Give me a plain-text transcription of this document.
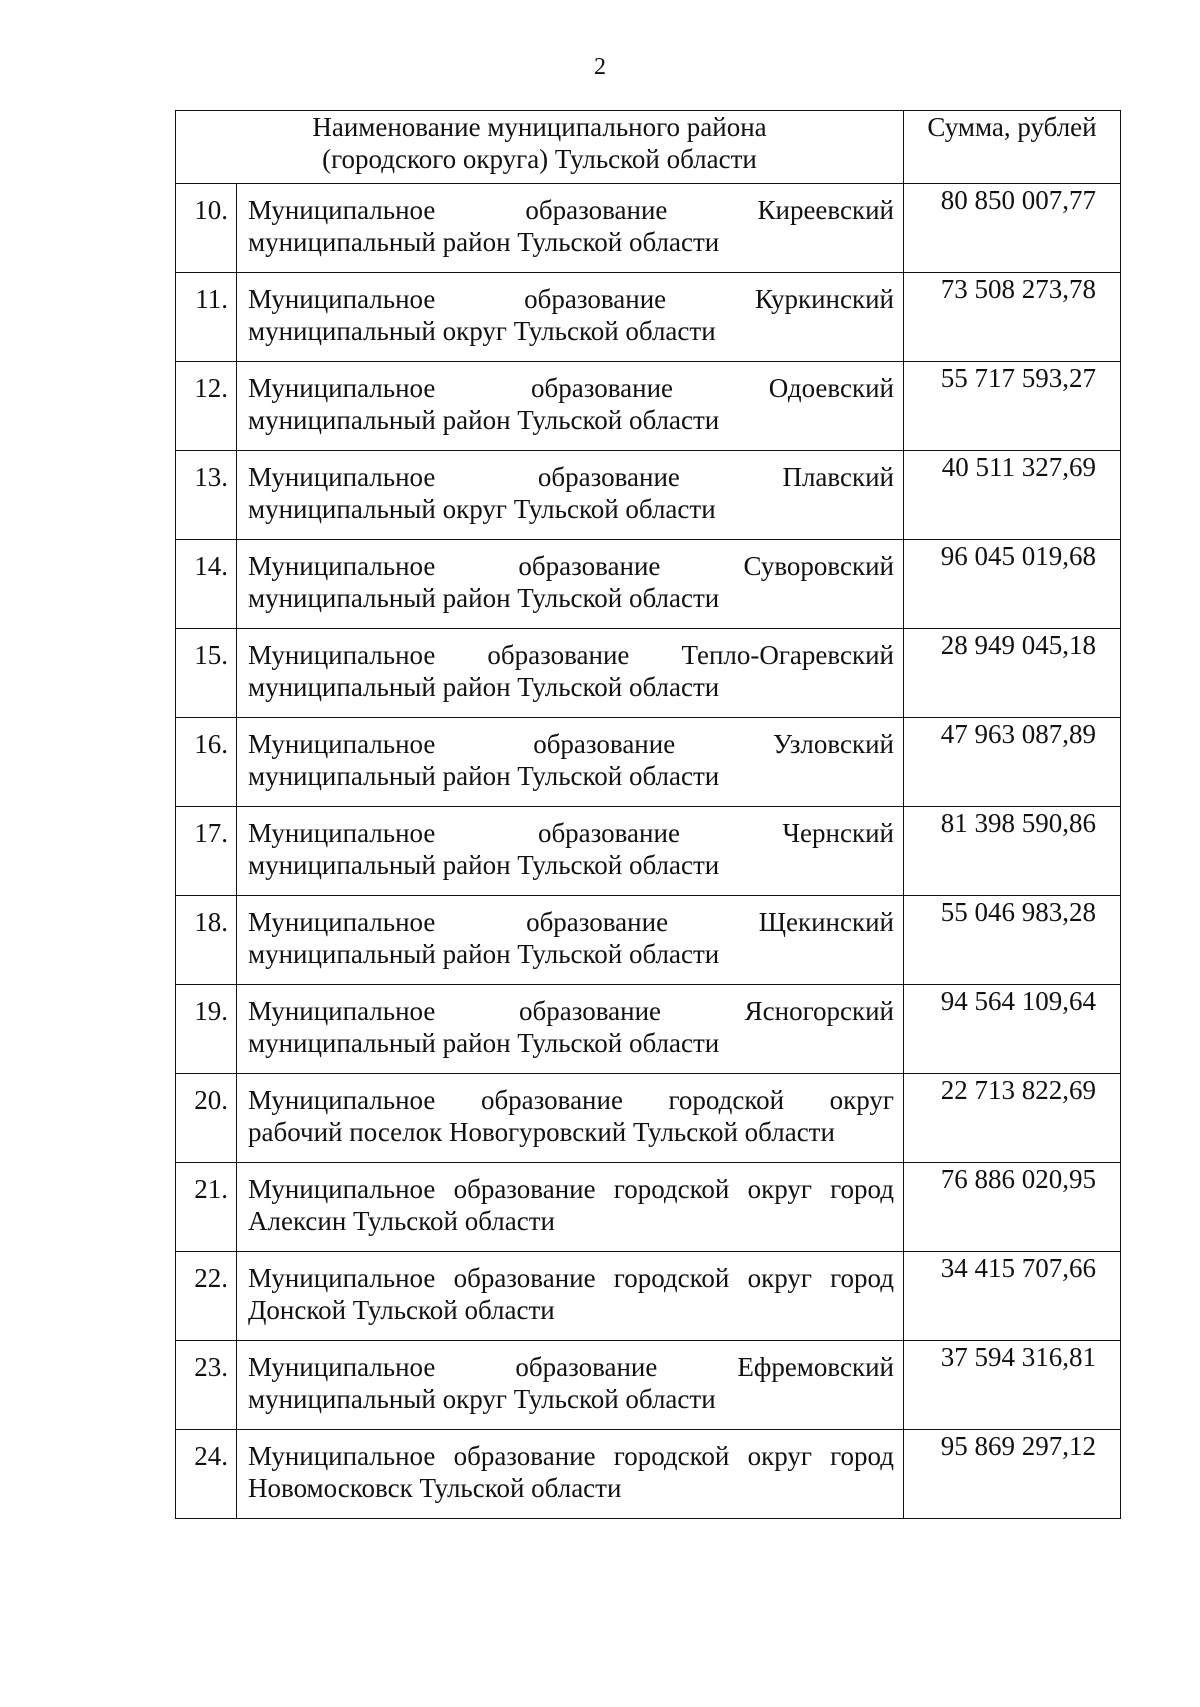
2
Наименование муниципального района
(городского округа) Тульской области		Сумма, рублей
10.	Муниципальное образование Киреевский
муниципальный район Тульской области	80 850 007,77
11.	Муниципальное образование Куркинский
муниципальный округ Тульской области	73 508 273,78
12.	Муниципальное образование Одоевский
муниципальный район Тульской области	55 717 593,27
13.	Муниципальное образование Плавский
муниципальный округ Тульской области	40 511 327,69
14.	Муниципальное образование Суворовский
муниципальный район Тульской области	96 045 019,68
15.	Муниципальное образование Тепло-Огаревский
муниципальный район Тульской области	28 949 045,18
16.	Муниципальное образование Узловский
муниципальный район Тульской области	47 963 087,89
17.	Муниципальное образование Чернский
муниципальный район Тульской области	81 398 590,86
18.	Муниципальное образование Щекинский
муниципальный район Тульской области	55 046 983,28
19.	Муниципальное образование Ясногорский
муниципальный район Тульской области	94 564 109,64
20.	Муниципальное образование городской округ
рабочий поселок Новогуровский Тульской области	22 713 822,69
21.	Муниципальное образование городской округ город
Алексин Тульской области	76 886 020,95
22.	Муниципальное образование городской округ город
Донской Тульской области	34 415 707,66
23.	Муниципальное образование Ефремовский
муниципальный округ Тульской области	37 594 316,81
24.	Муниципальное образование городской округ город
Новомосковск Тульской области	95 869 297,12
